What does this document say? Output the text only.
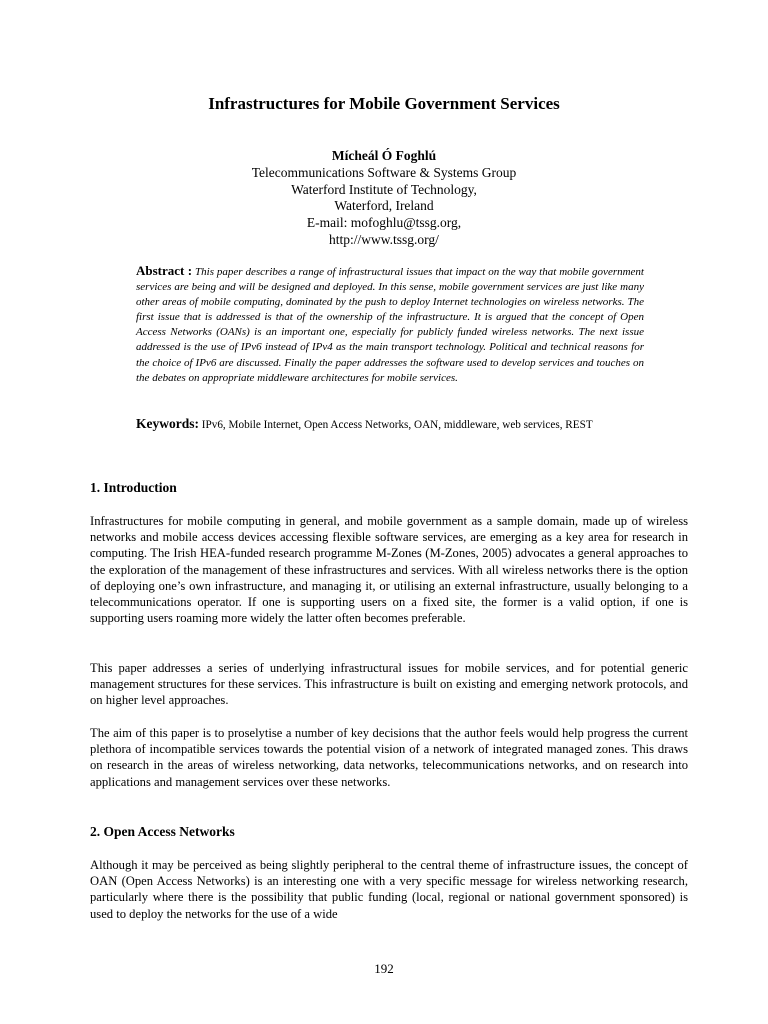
Infrastructures for Mobile Government Services
Mícheál Ó Foghlú
Telecommunications Software & Systems Group
Waterford Institute of Technology,
Waterford, Ireland
E-mail: mofoghlu@tssg.org,
http://www.tssg.org/
Abstract : This paper describes a range of infrastructural issues that impact on the way that mobile government services are being and will be designed and deployed. In this sense, mobile government services are just like many other areas of mobile computing, dominated by the push to deploy Internet technologies on wireless networks. The first issue that is addressed is that of the ownership of the infrastructure. It is argued that the concept of Open Access Networks (OANs) is an important one, especially for publicly funded wireless networks. The next issue addressed is the use of IPv6 instead of IPv4 as the main transport technology. Political and technical reasons for the choice of IPv6 are discussed. Finally the paper addresses the software used to develop services and touches on the debates on appropriate middleware architectures for mobile services.
Keywords: IPv6, Mobile Internet, Open Access Networks, OAN, middleware, web services, REST
1. Introduction
Infrastructures for mobile computing in general, and mobile government as a sample domain, made up of wireless networks and mobile access devices accessing flexible software services, are emerging as a key area for research in computing. The Irish HEA-funded research programme M-Zones (M-Zones, 2005) advocates a general approaches to the exploration of the management of these infrastructures and services. With all wireless networks there is the option of deploying one’s own infrastructure, and managing it, or utilising an external infrastructure, usually belonging to a telecommunications operator. If one is supporting users on a fixed site, the former is a valid option, if one is supporting users roaming more widely the latter often becomes preferable.
This paper addresses a series of underlying infrastructural issues for mobile services, and for potential generic management structures for these services. This infrastructure is built on existing and emerging network protocols, and on higher level approaches.
The aim of this paper is to proselytise a number of key decisions that the author feels would help progress the current plethora of incompatible services towards the potential vision of a network of integrated managed zones. This draws on research in the areas of wireless networking, data networks, telecommunications networks, and on research into applications and management services over these networks.
2. Open Access Networks
Although it may be perceived as being slightly peripheral to the central theme of infrastructure issues, the concept of OAN (Open Access Networks) is an interesting one with a very specific message for wireless networking research, particularly where there is the possibility that public funding (local, regional or national government sponsored) is used to deploy the networks for the use of a wide
192
